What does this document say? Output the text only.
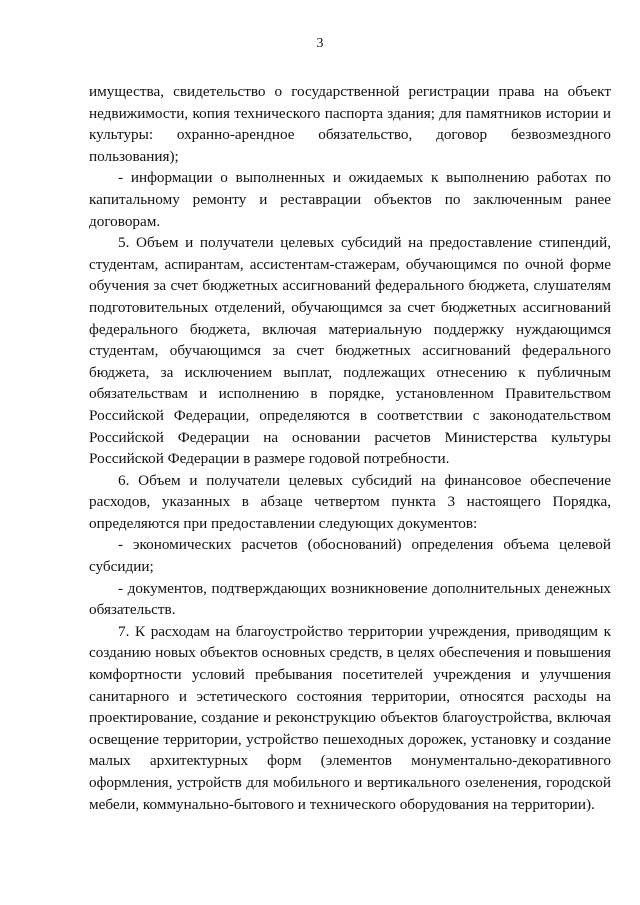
3

имущества, свидетельство о государственной регистрации права на объект недвижимости, копия технического паспорта здания; для памятников истории и культуры: охранно-арендное обязательство, договор безвозмездного пользования);

- информации о выполненных и ожидаемых к выполнению работах по капитальному ремонту и реставрации объектов по заключенным ранее договорам.

5. Объем и получатели целевых субсидий на предоставление стипендий, студентам, аспирантам, ассистентам-стажерам, обучающимся по очной форме обучения за счет бюджетных ассигнований федерального бюджета, слушателям подготовительных отделений, обучающимся за счет бюджетных ассигнований федерального бюджета, включая материальную поддержку нуждающимся студентам, обучающимся за счет бюджетных ассигнований федерального бюджета, за исключением выплат, подлежащих отнесению к публичным обязательствам и исполнению в порядке, установленном Правительством Российской Федерации, определяются в соответствии с законодательством Российской Федерации на основании расчетов Министерства культуры Российской Федерации в размере годовой потребности.

6. Объем и получатели целевых субсидий на финансовое обеспечение расходов, указанных в абзаце четвертом пункта 3 настоящего Порядка, определяются при предоставлении следующих документов:

- экономических расчетов (обоснований) определения объема целевой субсидии;

- документов, подтверждающих возникновение дополнительных денежных обязательств.

7. К расходам на благоустройство территории учреждения, приводящим к созданию новых объектов основных средств, в целях обеспечения и повышения комфортности условий пребывания посетителей учреждения и улучшения санитарного и эстетического состояния территории, относятся расходы на проектирование, создание и реконструкцию объектов благоустройства, включая освещение территории, устройство пешеходных дорожек, установку и создание малых архитектурных форм (элементов монументально-декоративного оформления, устройств для мобильного и вертикального озеленения, городской мебели, коммунально-бытового и технического оборудования на территории).
